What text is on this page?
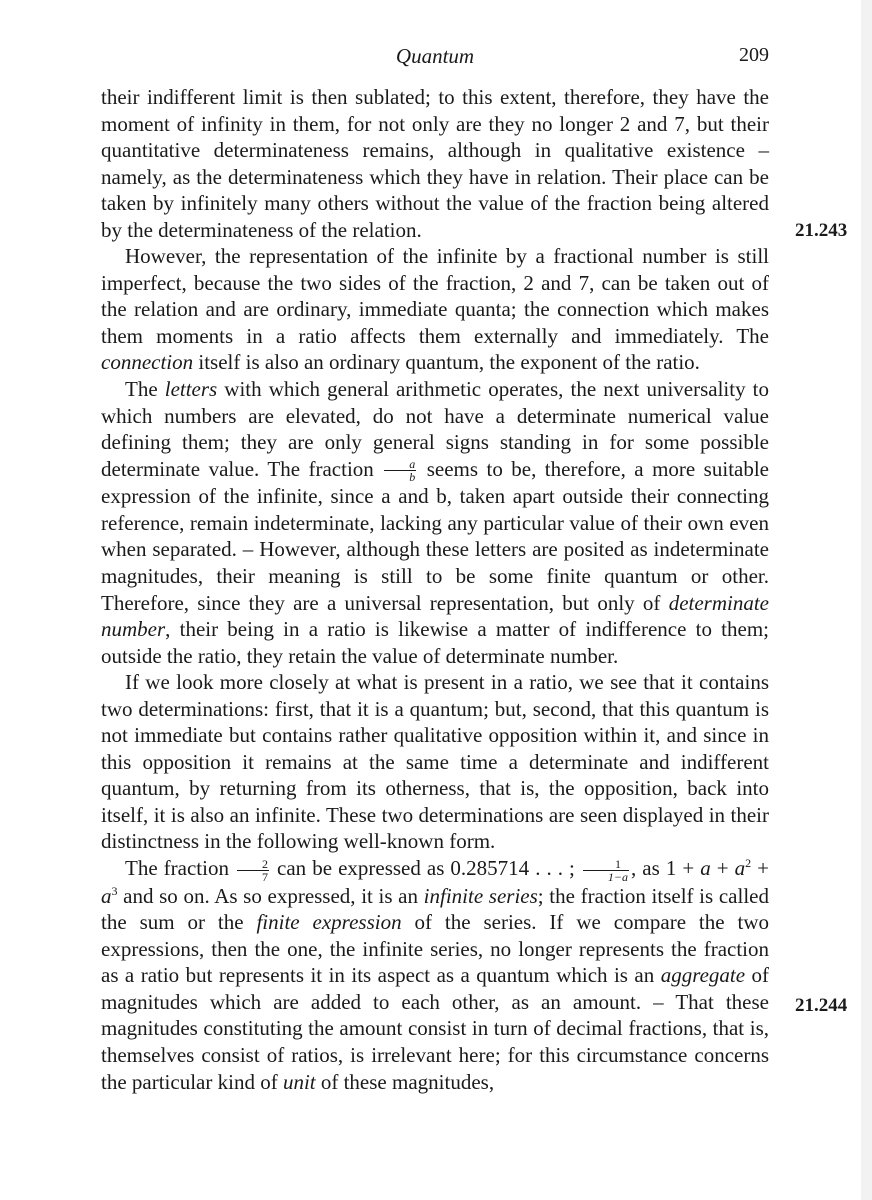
Quantum	209

their indifferent limit is then sublated; to this extent, therefore, they have the moment of infinity in them, for not only are they no longer 2 and 7, but their quantitative determinateness remains, although in qualitative existence – namely, as the determinateness which they have in relation. Their place can be taken by infinitely many others without the value of the fraction being altered by the determinateness of the relation.

However, the representation of the infinite by a fractional number is still imperfect, because the two sides of the fraction, 2 and 7, can be taken out of the relation and are ordinary, immediate quanta; the connection which makes them moments in a ratio affects them externally and immediately. The connection itself is also an ordinary quantum, the exponent of the ratio.

The letters with which general arithmetic operates, the next universality to which numbers are elevated, do not have a determinate numerical value defining them; they are only general signs standing in for some possible determinate value. The fraction $\frac{a}{b}$ seems to be, therefore, a more suitable expression of the infinite, since a and b, taken apart outside their connecting reference, remain indeterminate, lacking any particular value of their own even when separated. – However, although these letters are posited as indeterminate magnitudes, their meaning is still to be some finite quantum or other. Therefore, since they are a universal representation, but only of determinate number, their being in a ratio is likewise a matter of indifference to them; outside the ratio, they retain the value of determinate number.

If we look more closely at what is present in a ratio, we see that it contains two determinations: first, that it is a quantum; but, second, that this quantum is not immediate but contains rather qualitative opposition within it, and since in this opposition it remains at the same time a determinate and indifferent quantum, by returning from its otherness, that is, the opposition, back into itself, it is also an infinite. These two determinations are seen displayed in their distinctness in the following well-known form.

The fraction $\frac{2}{7}$ can be expressed as 0.285714 . . . ; $\frac{1}{1-a}$ , as $1 + a + a^2 + a^3$ and so on. As so expressed, it is an infinite series; the fraction itself is called the sum or the finite expression of the series. If we compare the two expressions, then the one, the infinite series, no longer represents the fraction as a ratio but represents it in its aspect as a quantum which is an aggregate of magnitudes which are added to each other, as an amount. – That these magnitudes constituting the amount consist in turn of decimal fractions, that is, themselves consist of ratios, is irrelevant here; for this circumstance concerns the particular kind of unit of these magnitudes,

21.243
21.244
